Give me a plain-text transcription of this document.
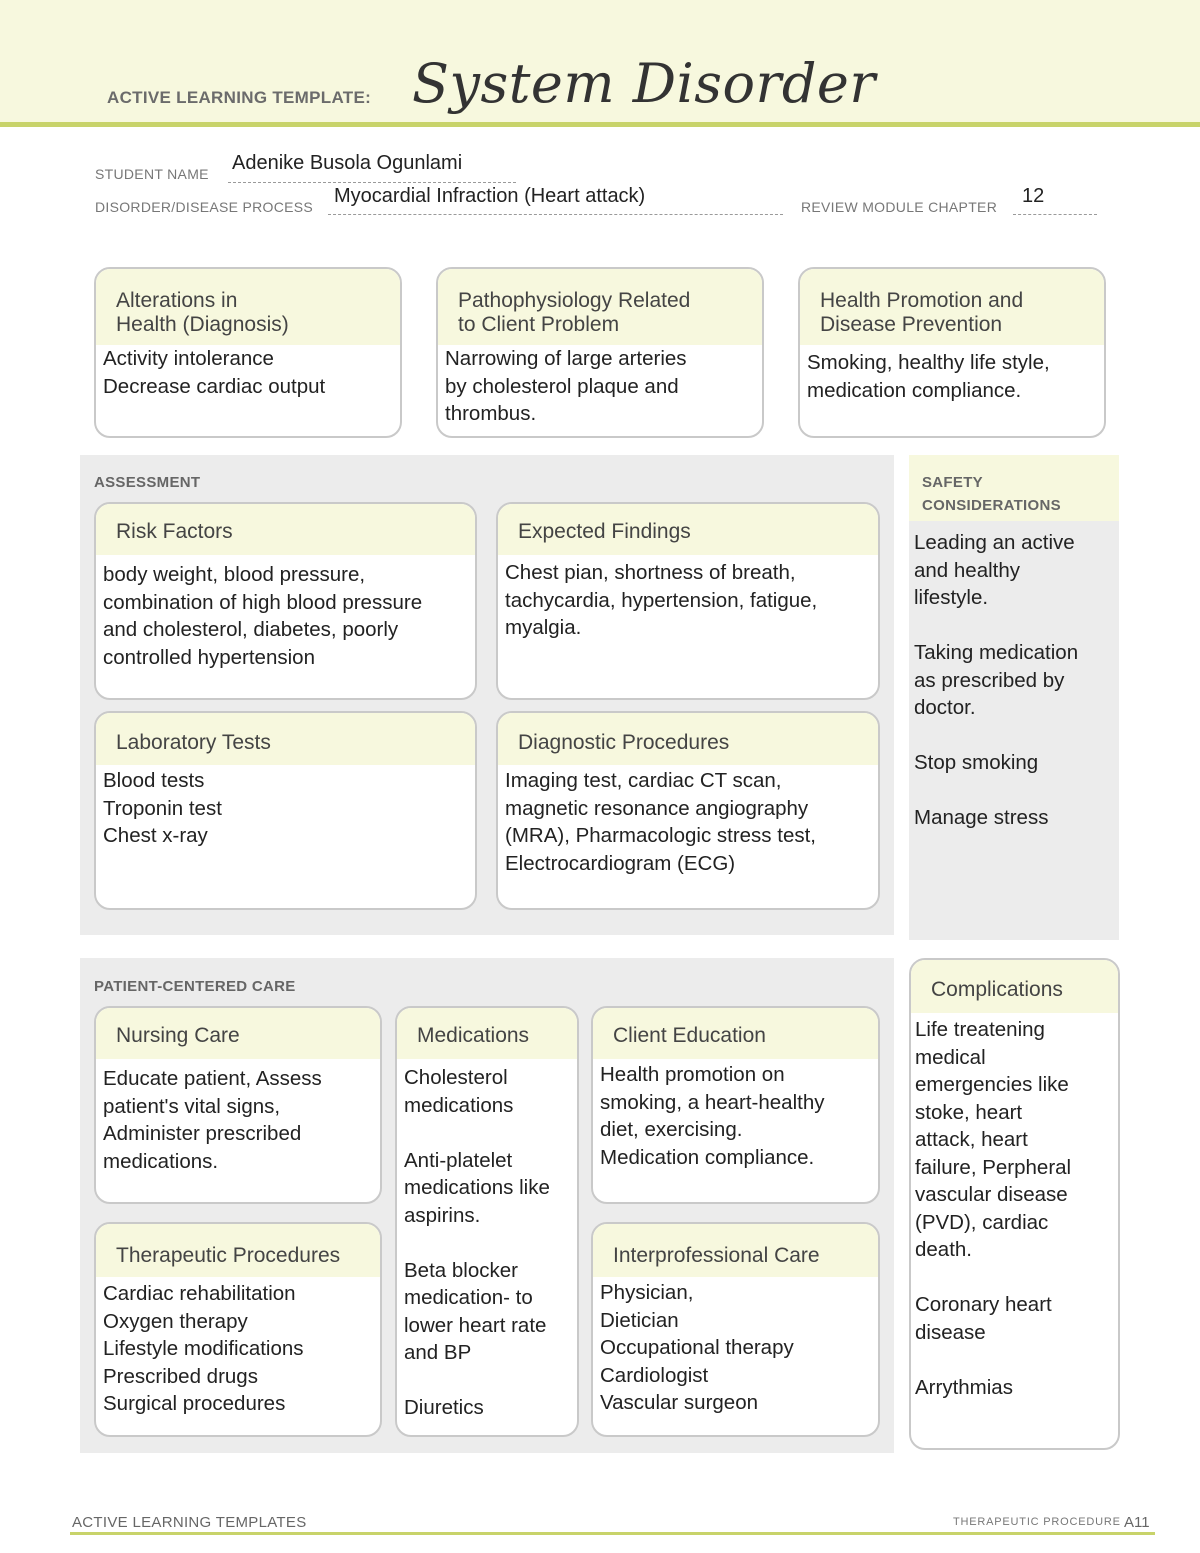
ACTIVE LEARNING TEMPLATE: System Disorder
STUDENT NAME Adenike Busola Ogunlami
DISORDER/DISEASE PROCESS Myocardial Infraction (Heart attack)	REVIEW MODULE CHAPTER 12
Alterations in
Health (Diagnosis)
Activity intolerance
Decrease cardiac output
Pathophysiology Related
to Client Problem
Narrowing of large arteries
by cholesterol plaque and
thrombus.
Health Promotion and
Disease Prevention
Smoking, healthy life style,
medication compliance.
ASSESSMENT
Risk Factors
body weight, blood pressure,
combination of high blood pressure
and cholesterol, diabetes, poorly
controlled hypertension
Expected Findings
Chest pian, shortness of breath,
tachycardia, hypertension, fatigue,
myalgia.
Laboratory Tests
Blood tests
Troponin test
Chest x-ray
Diagnostic Procedures
Imaging test, cardiac CT scan,
magnetic resonance angiography
(MRA), Pharmacologic stress test,
Electrocardiogram (ECG)
SAFETY
CONSIDERATIONS
Leading an active
and healthy
lifestyle.

Taking medication
as prescribed by
doctor.

Stop smoking

Manage stress
PATIENT-CENTERED CARE
Nursing Care
Educate patient, Assess
patient's vital signs,
Administer prescribed
medications.
Medications
Cholesterol
medications

Anti-platelet
medications like
aspirins.

Beta blocker
medication- to
lower heart rate
and BP

Diuretics
Client Education
Health promotion on
smoking, a heart-healthy
diet, exercising.
Medication compliance.
Therapeutic Procedures
Cardiac rehabilitation
Oxygen therapy
Lifestyle modifications
Prescribed drugs
Surgical procedures
Interprofessional Care
Physician,
Dietician
Occupational therapy
Cardiologist
Vascular surgeon
Complications
Life treatening
medical
emergencies like
stoke, heart
attack, heart
failure, Perpheral
vascular disease
(PVD), cardiac
death.

Coronary heart
disease

Arrythmias
ACTIVE LEARNING TEMPLATES	THERAPEUTIC PROCEDURE A11
